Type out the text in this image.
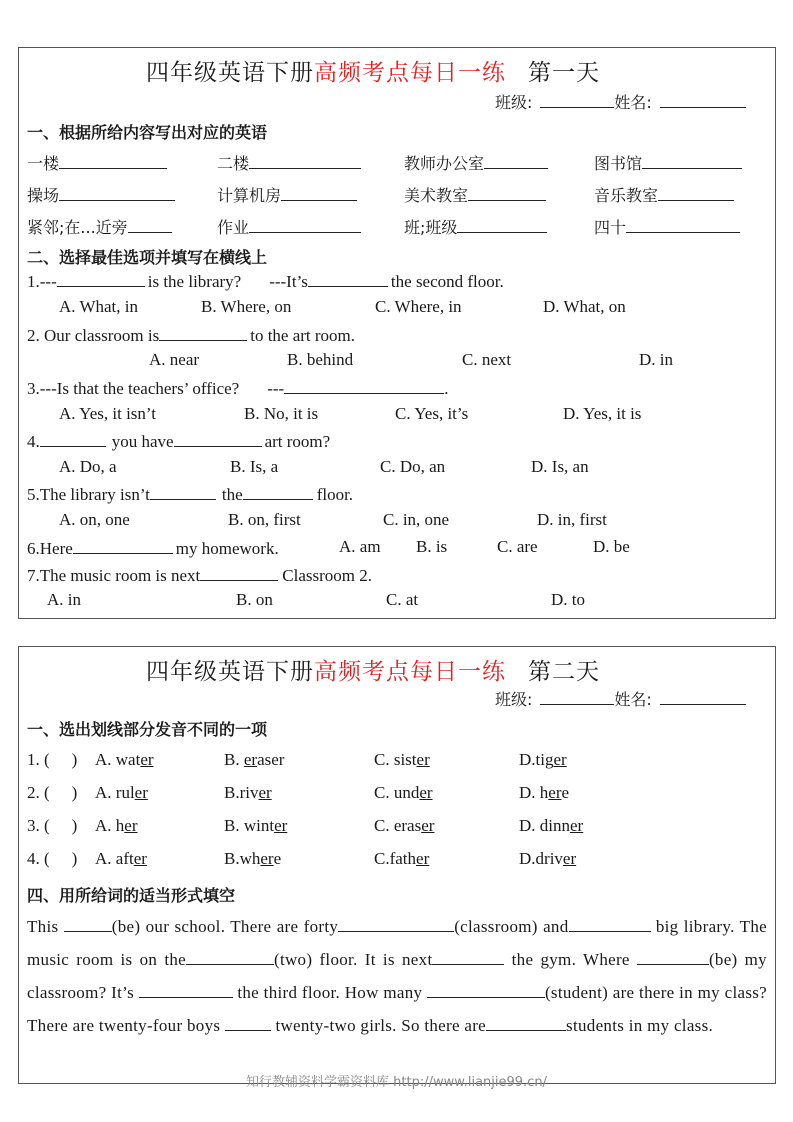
四年级英语下册高频考点每日一练 第一天
班级:	姓名:
一、根据所给内容写出对应的英语
一楼	二楼	教师办公室	图书馆
操场	计算机房	美术教室	音乐教室
紧邻;在...近旁	作业	班;班级	四十
二、选择最佳选项并填写在横线上
1.---	is the library? ---It’s	the second floor.
A. What, in	B. Where, on	C. Where, in	D. What, on
2. Our classroom is	to the art room.
A. near	B. behind	C. next	D. in
3.---Is that the teachers’ office? ---	.
A. Yes, it isn’t	B. No, it is	C. Yes, it’s	D. Yes, it is
4.	you have	art room?
A. Do, a	B. Is, a	C. Do, an	D. Is, an
5.The library isn’t	the	floor.
A. on, one	B. on, first	C. in, one	D. in, first
6.Here	my homework.	A. am B. is	C. are	D. be
7.The music room is next	Classroom 2.
A. in	B. on	C. at	D. to
四年级英语下册高频考点每日一练 第二天
班级:	姓名:
一、选出划线部分发音不同的一项
1. ( ) A. water	B. eraser	C. sister	D.tiger
2. ( ) A. ruler	B.river	C. under	D. here
3. ( ) A. her	B. winter	C. eraser	D. dinner
4. ( ) A. after	B.where	C.father	D.driver
四、用所给词的适当形式填空
This	(be) our school. There are forty	(classroom) and	big library. The music room is on the	(two) floor. It is next	the gym. Where	(be) my classroom? It’s	the third floor. How many	(student) are there in my class? There are twenty-four boys	twenty-two girls. So there are	students in my class.
知行教辅资料学霸资料库 http://www.lianjie99.cn/
